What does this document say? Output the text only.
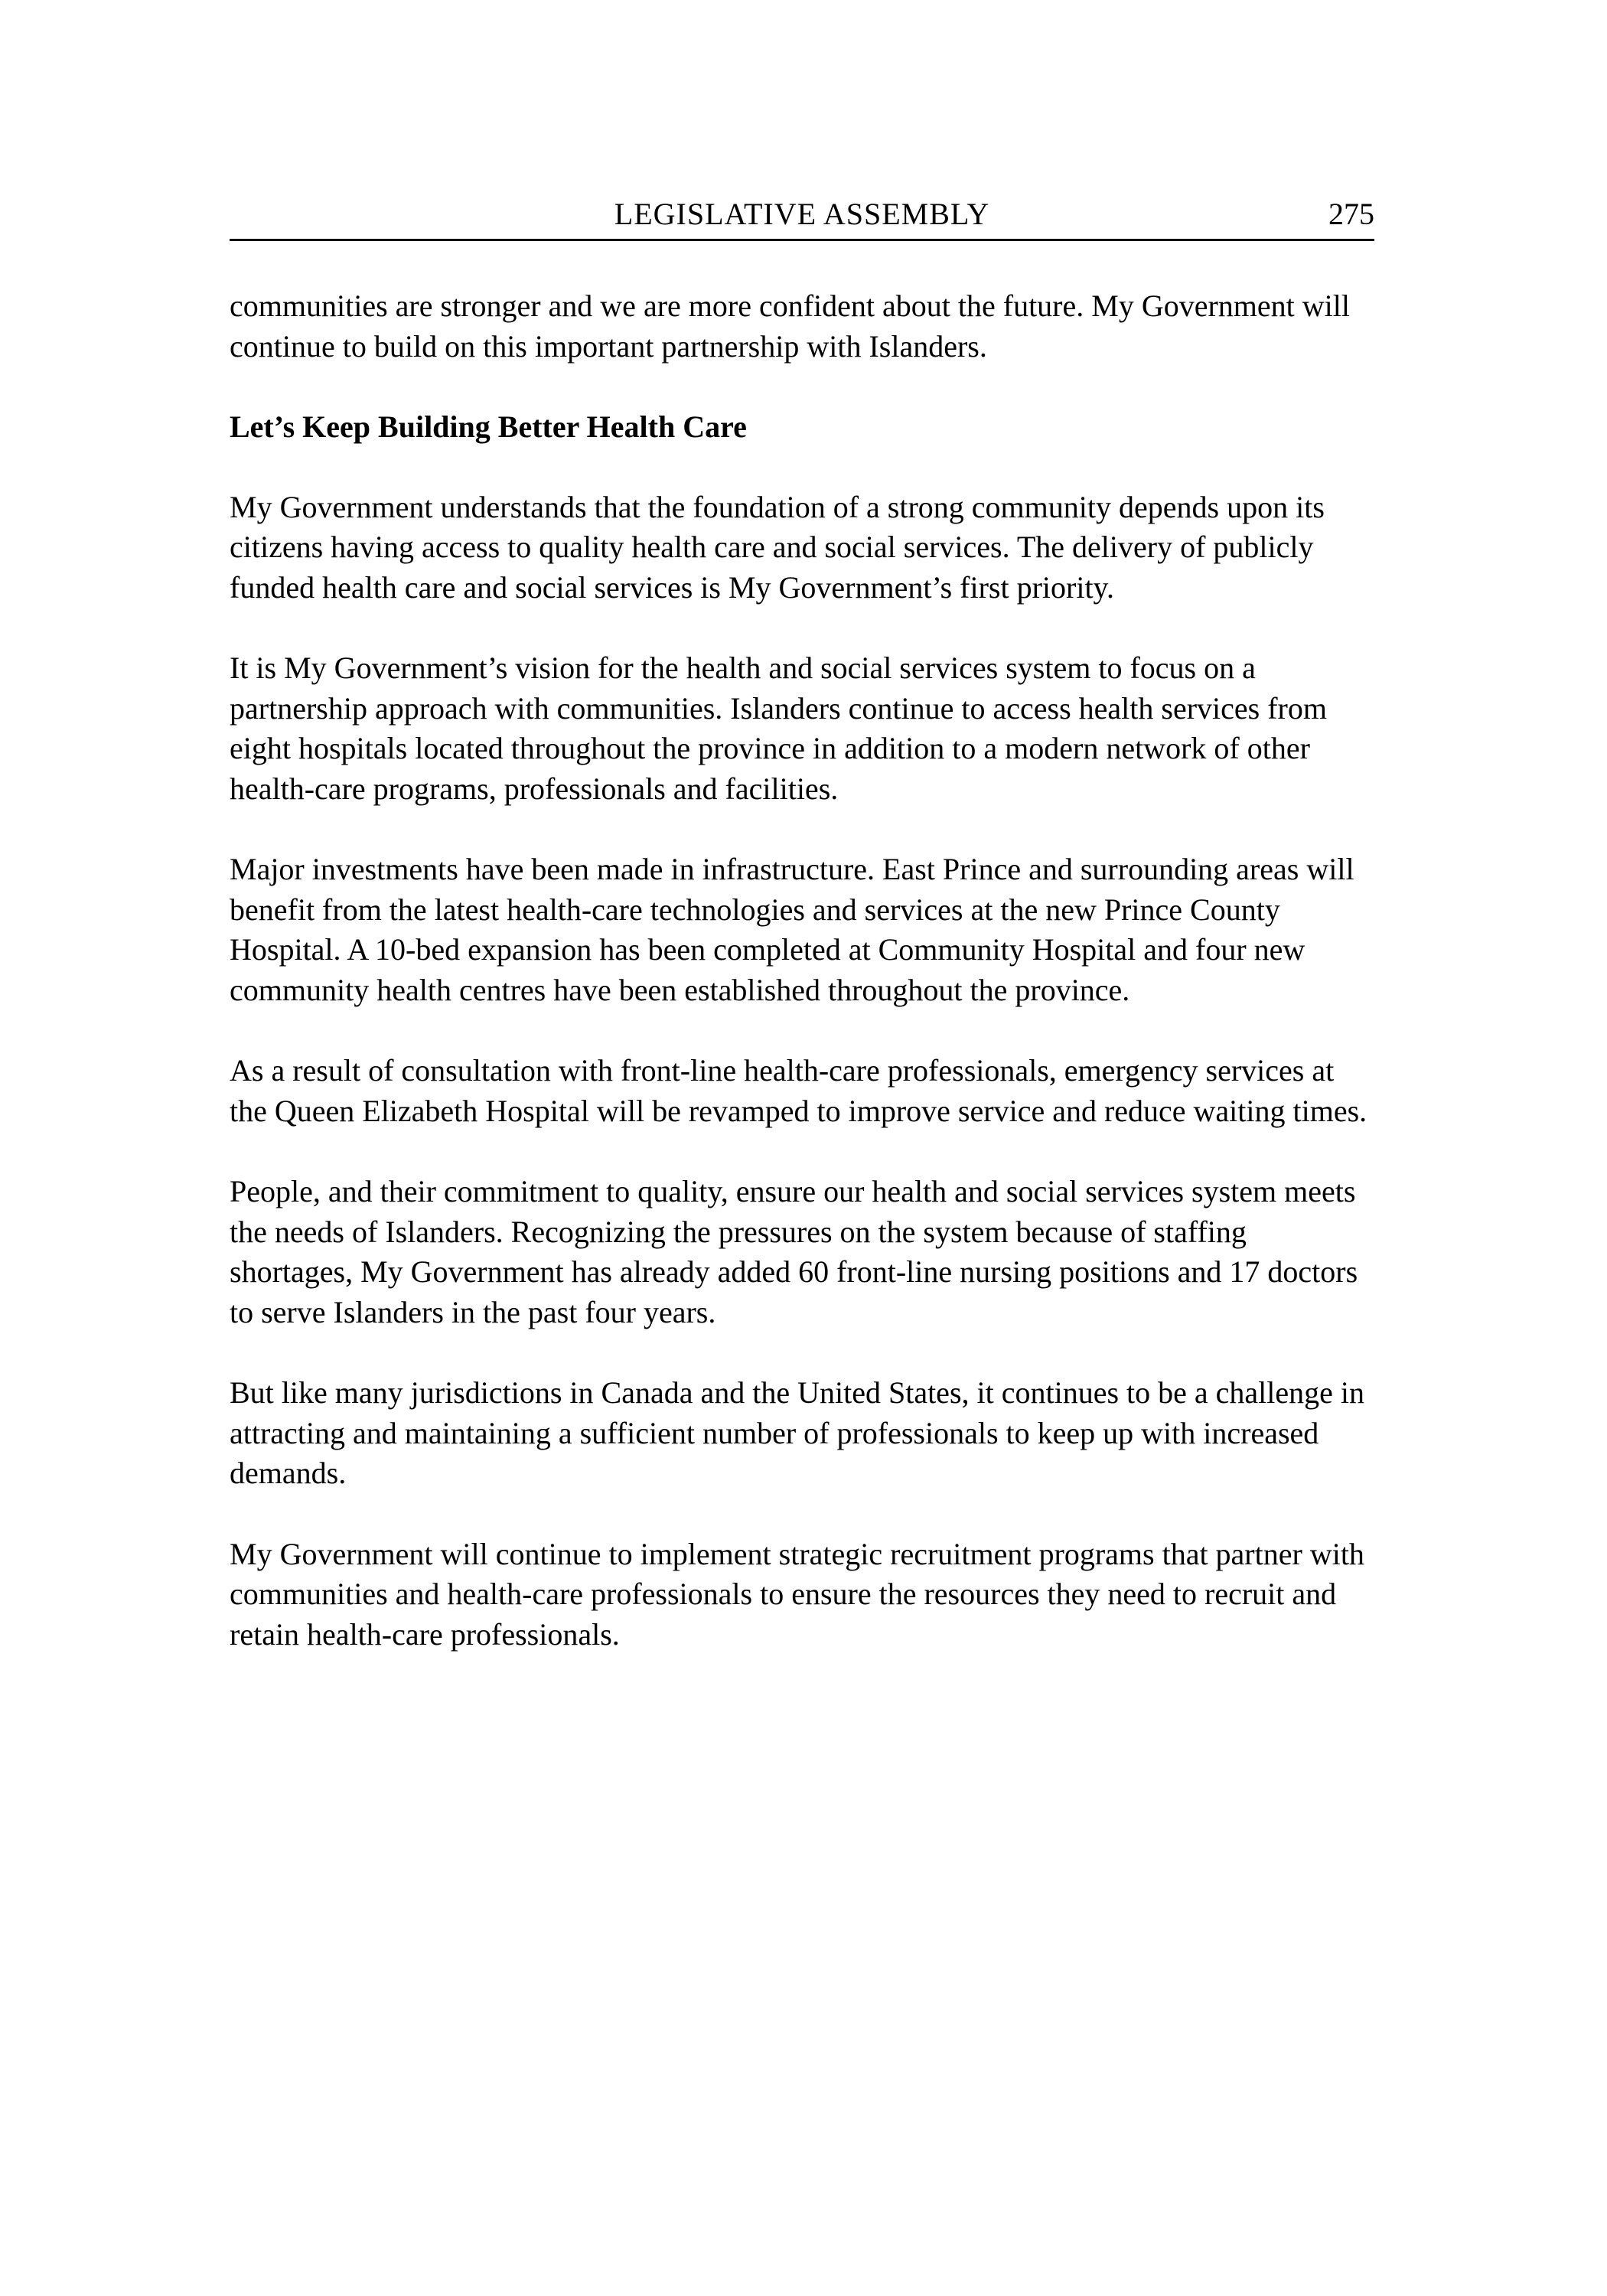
LEGISLATIVE ASSEMBLY	275

communities are stronger and we are more confident about the future. My Government will continue to build on this important partnership with Islanders.

Let’s Keep Building Better Health Care

My Government understands that the foundation of a strong community depends upon its citizens having access to quality health care and social services. The delivery of publicly funded health care and social services is My Government’s first priority.

It is My Government’s vision for the health and social services system to focus on a partnership approach with communities. Islanders continue to access health services from eight hospitals located throughout the province in addition to a modern network of other health-care programs, professionals and facilities.

Major investments have been made in infrastructure. East Prince and surrounding areas will benefit from the latest health-care technologies and services at the new Prince County Hospital. A 10-bed expansion has been completed at Community Hospital and four new community health centres have been established throughout the province.

As a result of consultation with front-line health-care professionals, emergency services at the Queen Elizabeth Hospital will be revamped to improve service and reduce waiting times.

People, and their commitment to quality, ensure our health and social services system meets the needs of Islanders. Recognizing the pressures on the system because of staffing shortages, My Government has already added 60 front-line nursing positions and 17 doctors to serve Islanders in the past four years.

But like many jurisdictions in Canada and the United States, it continues to be a challenge in attracting and maintaining a sufficient number of professionals to keep up with increased demands.

My Government will continue to implement strategic recruitment programs that partner with communities and health-care professionals to ensure the resources they need to recruit and retain health-care professionals.
